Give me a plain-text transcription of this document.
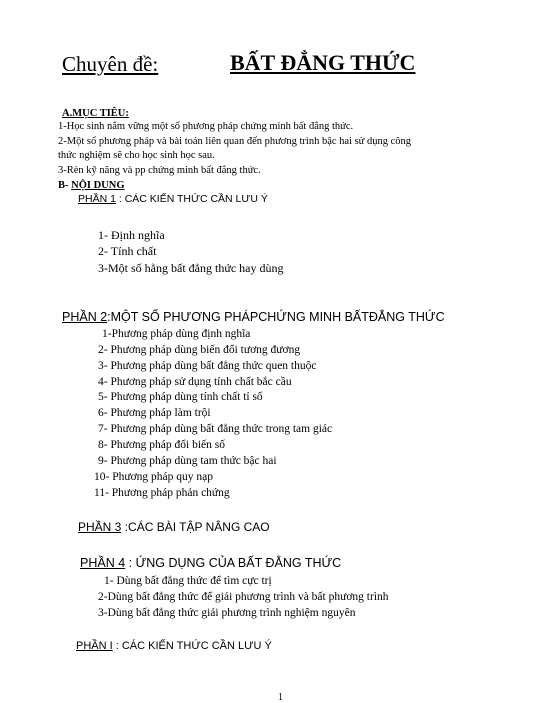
Chuyên đề:	BẤT ĐẲNG THỨC
A.MỤC TIÊU:
1-Học sinh nắm vững một số phương pháp chứng minh bất đẳng thức.
2-Một số phương pháp và bài toán liên quan đến phương trình bậc hai sử dụng công
thức nghiệm sẽ cho học sinh học sau.
3-Rèn kỹ năng và pp chứng minh bất đẳng thức.
B- NỘI DUNG
PHẦN 1 : CÁC KIẾN THỨC CẦN LƯU Ý
1- Định nghĩa
2- Tính chất
3-Một số hằng bất đẳng thức hay dùng
PHẦN 2:MỘT SỐ PHƯƠNG PHÁPCHỨNG MINH BẤTĐẲNG THỨC
1-Phương pháp dùng định nghĩa
2- Phương pháp dùng biến đổi tương đương
3- Phương pháp dùng bất đẳng thức quen thuộc
4- Phương pháp sử dụng tính chất bắc cầu
5- Phương pháp dùng tính chất tỉ số
6- Phương pháp làm trội
7- Phương pháp dùng bất đẳng thức trong tam giác
8- Phương pháp đổi biến số
9- Phương pháp dùng tam thức bậc hai
10- Phương pháp quy nạp
11- Phương pháp phản chứng
PHẦN 3 :CÁC BÀI TẬP NÂNG CAO
PHẦN 4 : ỨNG DỤNG CỦA BẤT ĐẲNG THỨC
1- Dùng bất đẳng thức để tìm cực trị
2-Dùng bất đẳng thức để giải phương trình và bất phương trình
3-Dùng bất đẳng thức giải phương trình nghiệm nguyên
PHẦN I : CÁC KIẾN THỨC CẦN LƯU Ý
1
